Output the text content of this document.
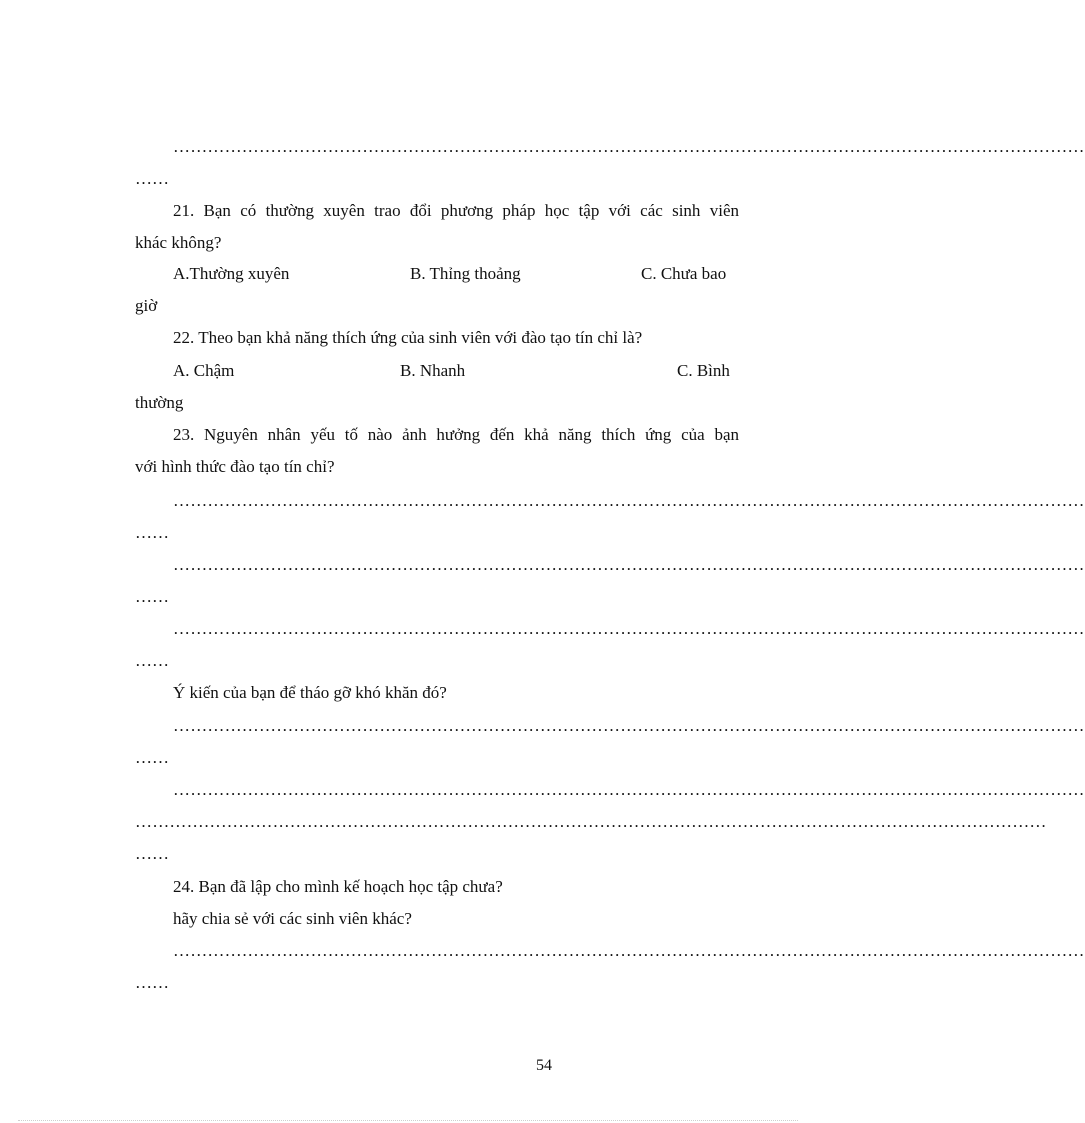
……………………………………………………………………………………………………………………………………………
……
21. Bạn có thường xuyên trao đổi phương pháp học tập với các sinh viên
khác không?
A.Thường xuyên	B. Thỉng thoảng	C. Chưa bao
giờ
22. Theo bạn khả năng thích ứng của sinh viên với đào tạo tín chỉ là?
A. Chậm	B. Nhanh	C. Bình
thường
23. Nguyên nhân yếu tố nào ảnh hưởng đến khả năng thích ứng của bạn
với hình thức đào tạo tín chỉ?
……………………………………………………………………………………………………………………………………………
……
……………………………………………………………………………………………………………………………………………
……
……………………………………………………………………………………………………………………………………………
……
Ý kiến của bạn để tháo gỡ khó khăn đó?
……………………………………………………………………………………………………………………………………………
……
……………………………………………………………………………………………………………………………………………
……………………………………………………………………………………………………………………………………………
……
24. Bạn đã lập cho mình kế hoạch học tập chưa?
hãy chia sẻ với các sinh viên khác?
……………………………………………………………………………………………………………………………………………
……
54
